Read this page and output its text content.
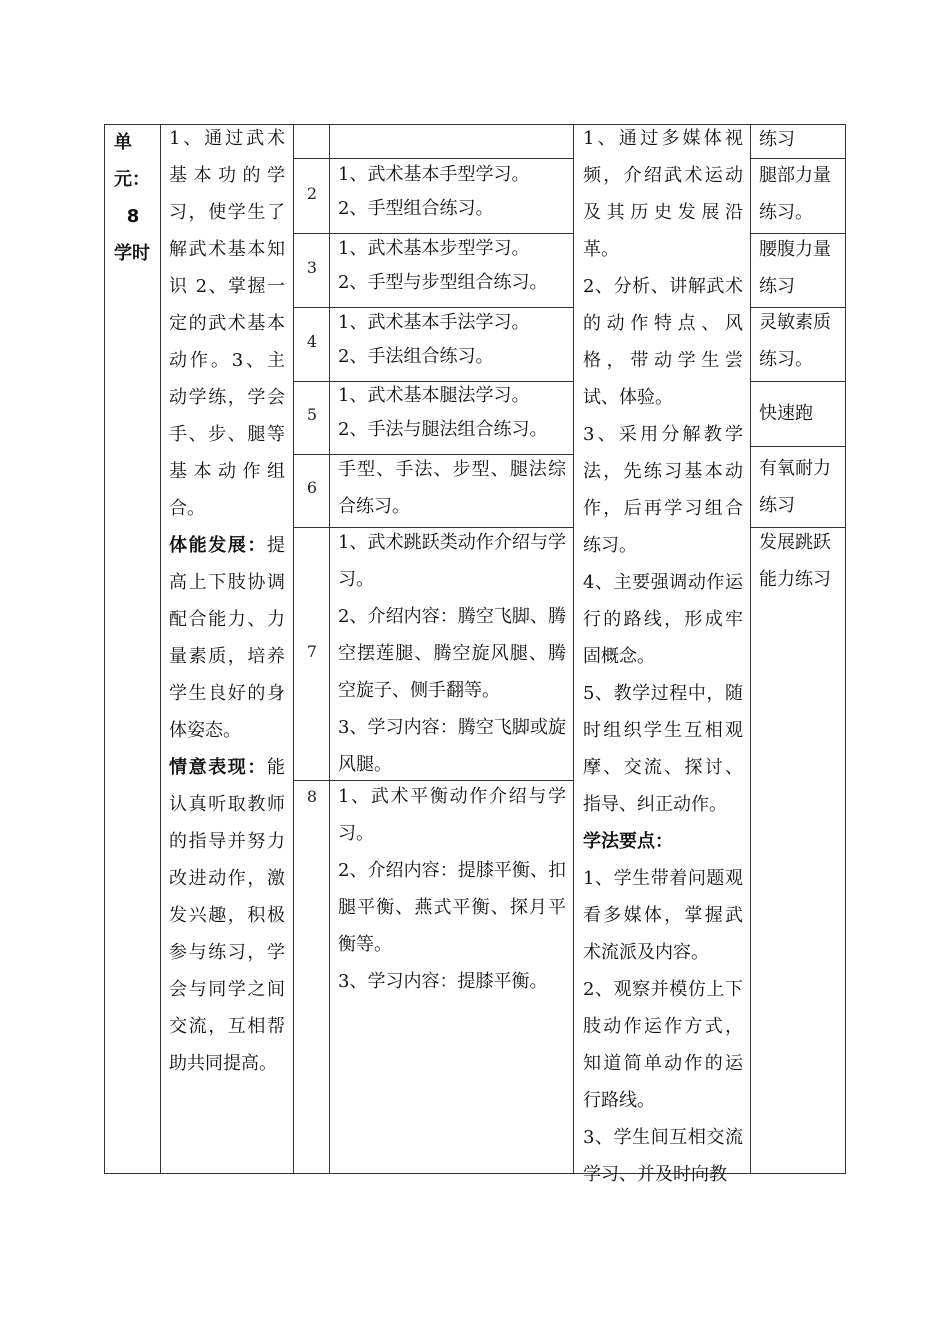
单
元：
8
学时
1、通过武术基本功的学习，使学生了解武术基本知识 2、掌握一定的武术基本动作。3、主动学练，学会手、步、腿等基本动作组合。
体能发展：提高上下肢协调配合能力、力量素质，培养学生良好的身体姿态。
情意表现：能认真听取教师的指导并努力改进动作，激发兴趣，积极参与练习，学会与同学之间交流，互相帮助共同提高。
2
3
4
5
6
7
8
1、武术基本手型学习。
2、手型组合练习。
1、武术基本步型学习。
2、手型与步型组合练习。
1、武术基本手法学习。
2、手法组合练习。
1、武术基本腿法学习。
2、手法与腿法组合练习。
手型、手法、步型、腿法综合练习。
1、武术跳跃类动作介绍与学习。
2、介绍内容：腾空飞脚、腾空摆莲腿、腾空旋风腿、腾空旋子、侧手翻等。
3、学习内容：腾空飞脚或旋风腿。
1、武术平衡动作介绍与学习。
2、介绍内容：提膝平衡、扣腿平衡、燕式平衡、探月平衡等。
3、学习内容：提膝平衡。
1、通过多媒体视频，介绍武术运动及其历史发展沿革。
2、分析、讲解武术的动作特点、风格，带动学生尝试、体验。
3、采用分解教学法，先练习基本动作，后再学习组合练习。
4、主要强调动作运行的路线，形成牢固概念。
5、教学过程中，随时组织学生互相观摩、交流、探讨、指导、纠正动作。
学法要点：
1、学生带着问题观看多媒体，掌握武术流派及内容。
2、观察并模仿上下肢动作运作方式，知道简单动作的运行路线。
3、学生间互相交流学习、并及时向教
练习
腿部力量练习。
腰腹力量练习
灵敏素质练习。
快速跑
有氧耐力练习
发展跳跃能力练习
